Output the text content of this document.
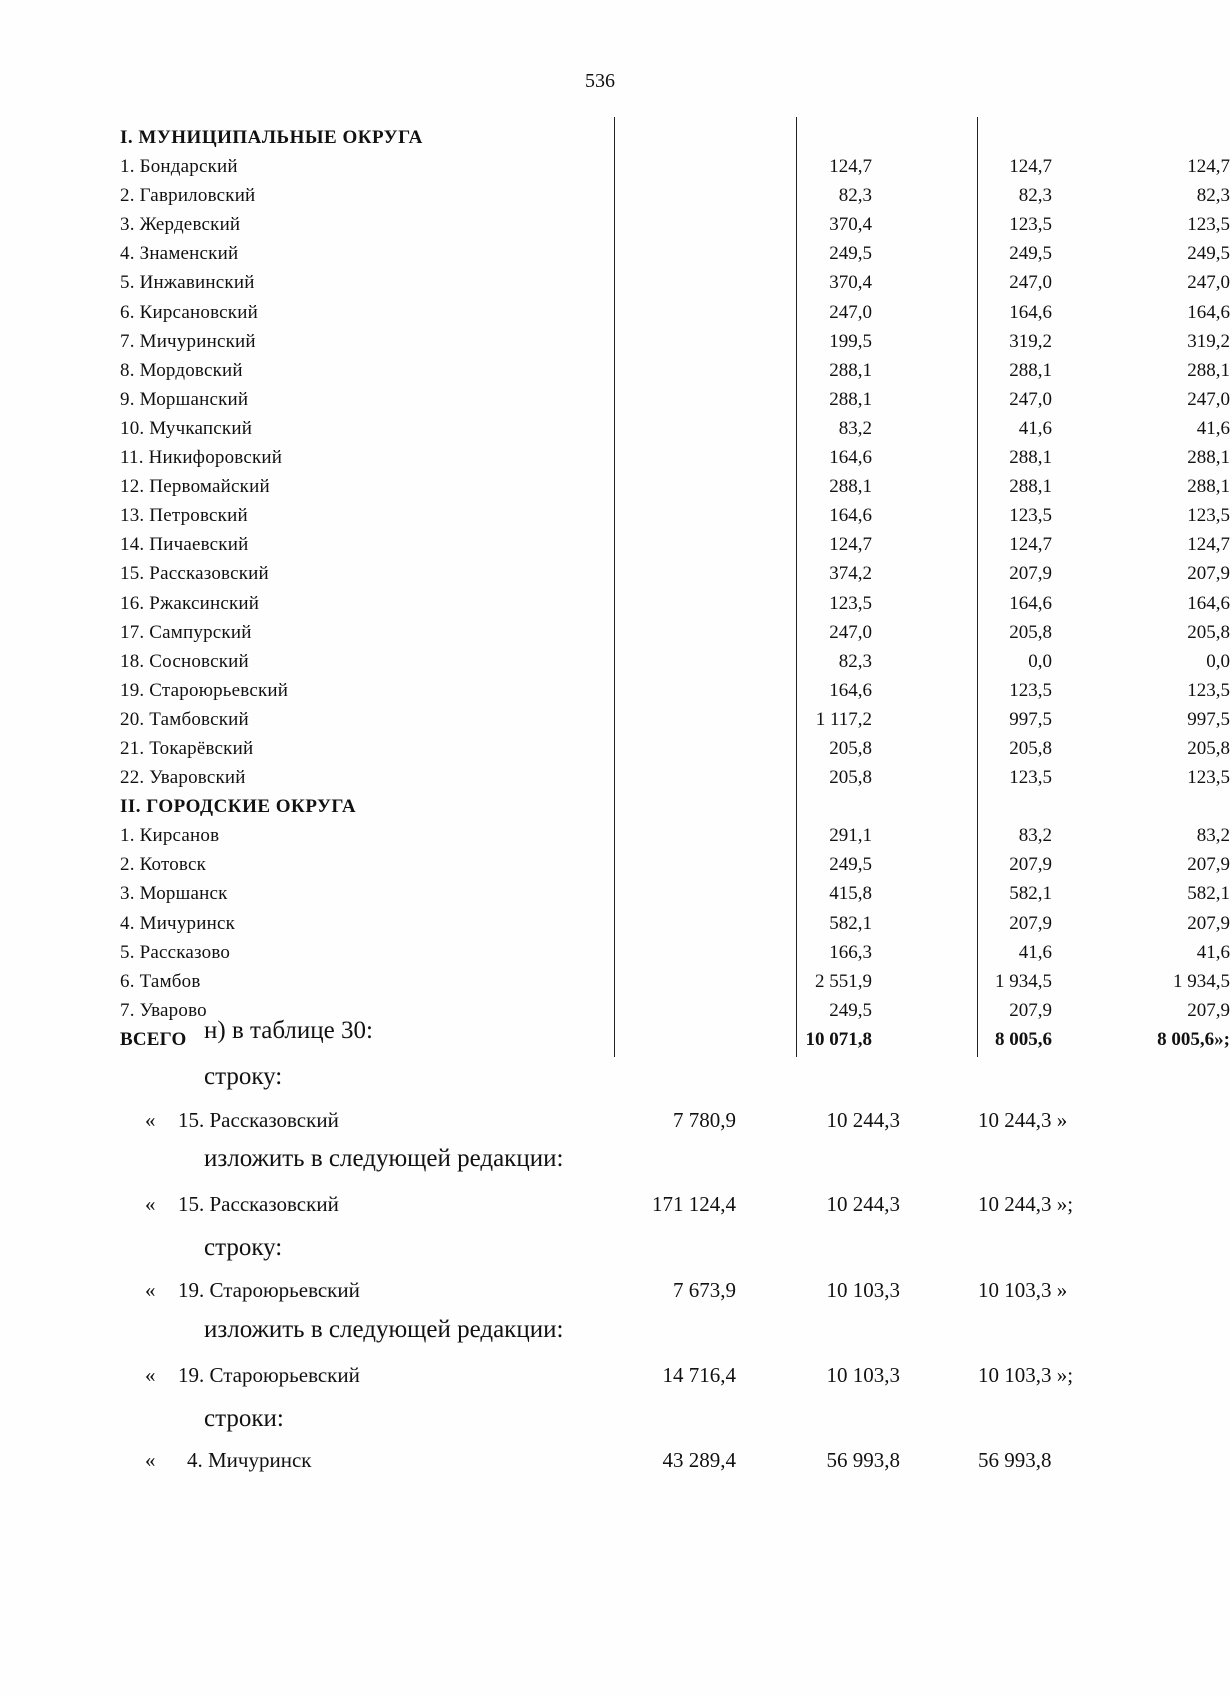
536
I. МУНИЦИПАЛЬНЫЕ ОКРУГА
1. Бондарский	124,7	124,7	124,7
2. Гавриловский	82,3	82,3	82,3
3. Жердевский	370,4	123,5	123,5
4. Знаменский	249,5	249,5	249,5
5. Инжавинский	370,4	247,0	247,0
6. Кирсановский	247,0	164,6	164,6
7. Мичуринский	199,5	319,2	319,2
8. Мордовский	288,1	288,1	288,1
9. Моршанский	288,1	247,0	247,0
10. Мучкапский	83,2	41,6	41,6
11. Никифоровский	164,6	288,1	288,1
12. Первомайский	288,1	288,1	288,1
13. Петровский	164,6	123,5	123,5
14. Пичаевский	124,7	124,7	124,7
15. Рассказовский	374,2	207,9	207,9
16. Ржаксинский	123,5	164,6	164,6
17. Сампурский	247,0	205,8	205,8
18. Сосновский	82,3	0,0	0,0
19. Староюрьевский	164,6	123,5	123,5
20. Тамбовский	1 117,2	997,5	997,5
21. Токарёвский	205,8	205,8	205,8
22. Уваровский	205,8	123,5	123,5
II. ГОРОДСКИЕ ОКРУГА
1. Кирсанов	291,1	83,2	83,2
2. Котовск	249,5	207,9	207,9
3. Моршанск	415,8	582,1	582,1
4. Мичуринск	582,1	207,9	207,9
5. Рассказово	166,3	41,6	41,6
6. Тамбов	2 551,9	1 934,5	1 934,5
7. Уварово	249,5	207,9	207,9
ВСЕГО	10 071,8	8 005,6	8 005,6»;
н) в таблице 30:
строку:
« 15. Рассказовский	7 780,9	10 244,3	10 244,3 »
изложить в следующей редакции:
« 15. Рассказовский	171 124,4	10 244,3	10 244,3 »;
строку:
« 19. Староюрьевский	7 673,9	10 103,3	10 103,3 »
изложить в следующей редакции:
« 19. Староюрьевский	14 716,4	10 103,3	10 103,3 »;
строки:
« 4. Мичуринск	43 289,4	56 993,8	56 993,8
